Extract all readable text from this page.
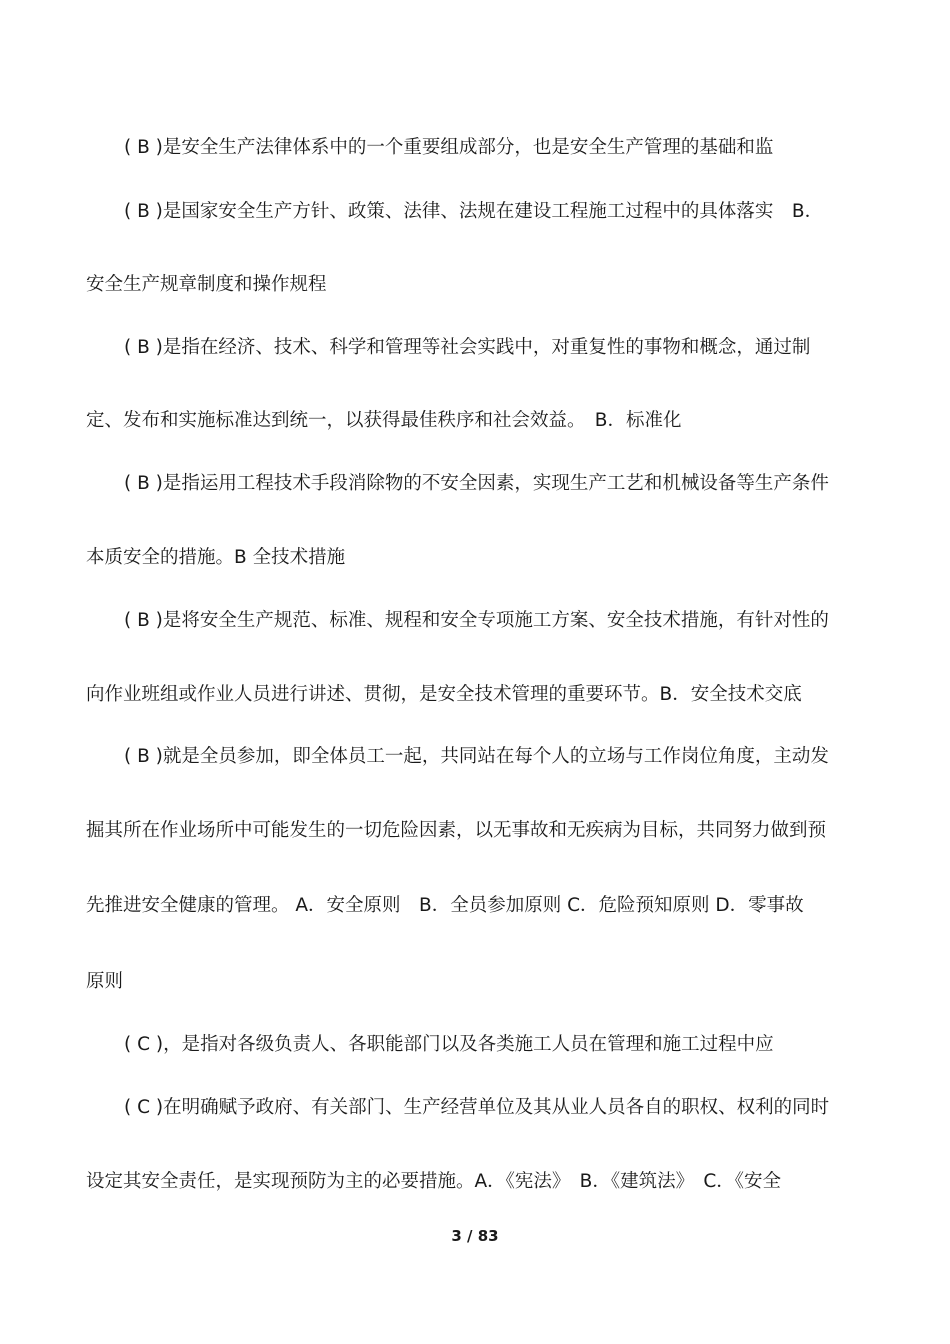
( B )是安全生产法律体系中的一个重要组成部分，也是安全生产管理的基础和监
( B )是国家安全生产方针、政策、法律、法规在建设工程施工过程中的具体落实　B．
安全生产规章制度和操作规程
( B )是指在经济、技术、科学和管理等社会实践中，对重复性的事物和概念，通过制
定、发布和实施标准达到统一，以获得最佳秩序和社会效益。　B．标准化
( B )是指运用工程技术手段消除物的不安全因素，实现生产工艺和机械设备等生产条件
本质安全的措施。B 全技术措施
( B )是将安全生产规范、标准、规程和安全专项施工方案、安全技术措施，有针对性的
向作业班组或作业人员进行讲述、贯彻，是安全技术管理的重要环节。B．安全技术交底
( B )就是全员参加，即全体员工一起，共同站在每个人的立场与工作岗位角度，主动发
掘其所在作业场所中可能发生的一切危险因素，以无事故和无疾病为目标，共同努力做到预
先推进安全健康的管理。 A．安全原则　B．全员参加原则 C．危险预知原则 D．零事故
原则
( C )，是指对各级负责人、各职能部门以及各类施工人员在管理和施工过程中应
( C )在明确赋予政府、有关部门、生产经营单位及其从业人员各自的职权、权利的同时
设定其安全责任，是实现预防为主的必要措施。A．《宪法》　B．《建筑法》　C．《安全
3 / 83
